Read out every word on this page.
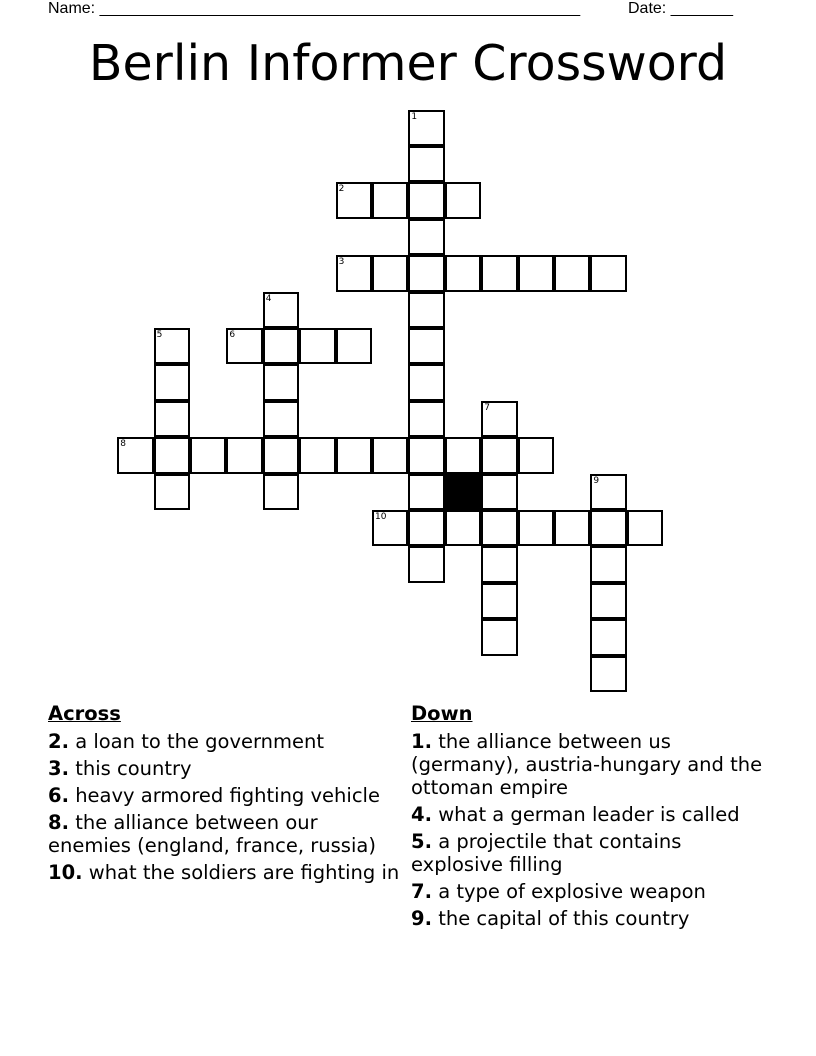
Name: ______________________________________________________	Date: _______
Berlin Informer Crossword
2
3
6
8
10
1
4
5
7
9
Across
2. a loan to the government
3. this country
6. heavy armored fighting vehicle
8. the alliance between our enemies (england, france, russia)
10. what the soldiers are fighting in
Down
1. the alliance between us (germany), austria-hungary and the ottoman empire
4. what a german leader is called
5. a projectile that contains explosive filling
7. a type of explosive weapon
9. the capital of this country
